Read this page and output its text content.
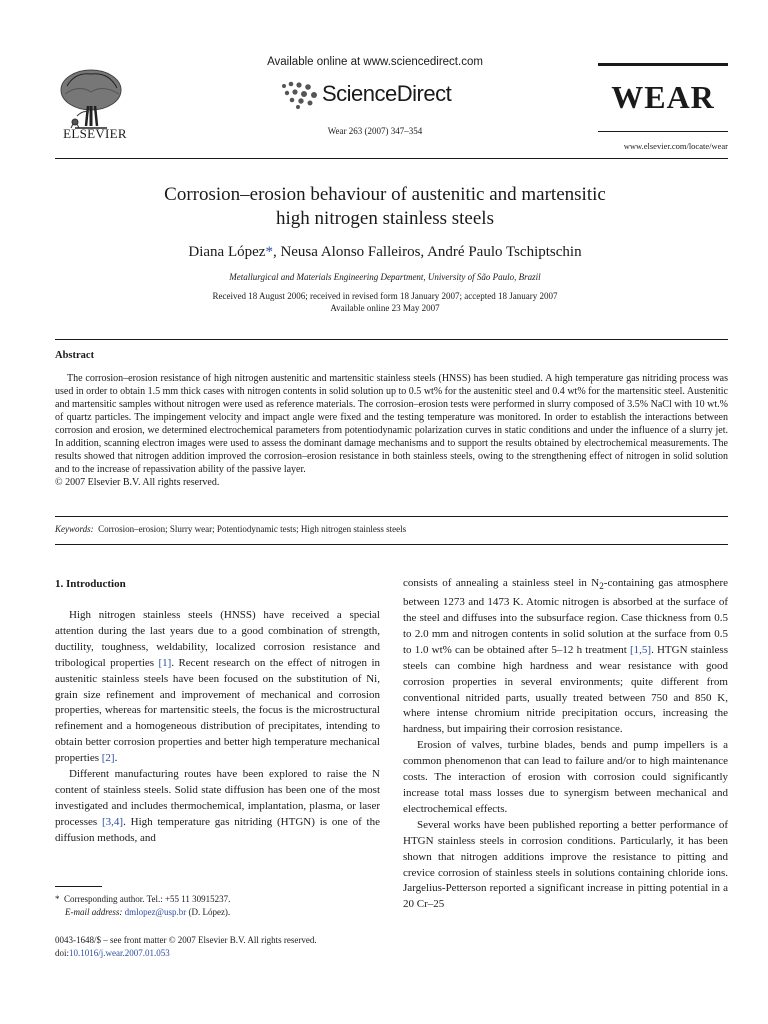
ELSEVIER
Available online at www.sciencedirect.com
ScienceDirect
Wear 263 (2007) 347–354
WEAR
www.elsevier.com/locate/wear
Corrosion–erosion behaviour of austenitic and martensitic
high nitrogen stainless steels
Diana López*, Neusa Alonso Falleiros, André Paulo Tschiptschin
Metallurgical and Materials Engineering Department, University of São Paulo, Brazil
Received 18 August 2006; received in revised form 18 January 2007; accepted 18 January 2007
Available online 23 May 2007
Abstract

The corrosion–erosion resistance of high nitrogen austenitic and martensitic stainless steels (HNSS) has been studied. A high temperature gas nitriding process was used in order to obtain 1.5 mm thick cases with nitrogen contents in solid solution up to 0.5 wt% for the austenitic steel and 0.4 wt% for the martensitic steel. Austenitic and martensitic samples without nitrogen were used as reference materials. The corrosion–erosion tests were performed in slurry composed of 3.5% NaCl with 10 wt.% of quartz particles. The impingement velocity and impact angle were fixed and the testing temperature was monitored. In order to establish the interactions between corrosion and erosion, we determined electrochemical parameters from potentiodynamic polarization curves in static conditions and under the influence of a slurry jet. In addition, scanning electron images were used to assess the dominant damage mechanisms and to support the results obtained by electrochemical measurements. The results showed that nitrogen addition improved the corrosion–erosion resistance in both stainless steels, owing to the strengthening effect of nitrogen in solid solution and to the increase of repassivation ability of the passive layer.

© 2007 Elsevier B.V. All rights reserved.

Keywords: Corrosion–erosion; Slurry wear; Potentiodynamic tests; High nitrogen stainless steels
1. Introduction

High nitrogen stainless steels (HNSS) have received a special attention during the last years due to a good combination of strength, ductility, toughness, weldability, localized corrosion resistance and tribological properties [1]. Recent research on the effect of nitrogen in austenitic stainless steels have been focused on the substitution of Ni, grain size refinement and improvement of mechanical and corrosion properties, whereas for martensitic steels, the focus is the microstructural refinement and a homogeneous distribution of precipitates, intending to obtain better corrosion properties and better high temperature mechanical properties [2].

Different manufacturing routes have been explored to raise the N content of stainless steels. Solid state diffusion has been one of the most investigated and includes thermochemical, implantation, plasma, or laser processes [3,4]. High temperature gas nitriding (HTGN) is one of the diffusion methods, and

consists of annealing a stainless steel in $N_2$-containing gas atmosphere between 1273 and 1473 K. Atomic nitrogen is absorbed at the surface of the steel and diffuses into the subsurface region. Case thickness from 0.5 to 2.0 mm and nitrogen contents in solid solution at the surface from 0.5 to 1.0 wt% can be obtained after 5–12 h treatment [1,5]. HTGN stainless steels can combine high hardness and wear resistance with good corrosion properties in several environments; quite different from conventional nitrided parts, usually treated between 750 and 850 K, where intense chromium nitride precipitation occurs, increasing the hardness, but impairing their corrosion resistance.

Erosion of valves, turbine blades, bends and pump impellers is a common phenomenon that can lead to failure and/or to high maintenance costs. The interaction of erosion with corrosion could significantly increase total mass losses due to synergism between mechanical and electrochemical effects.

Several works have been published reporting a better performance of HTGN stainless steels in corrosion conditions. Particularly, it has been shown that nitrogen additions improve the resistance to pitting and crevice corrosion of stainless steels in solutions containing chloride ions. Jargelius-Petterson reported a significant increase in pitting potential in a 20 Cr–25

* Corresponding author. Tel.: +55 11 30915237.
E-mail address: dmlopez@usp.br (D. López).
0043-1648/$ – see front matter © 2007 Elsevier B.V. All rights reserved.
doi:10.1016/j.wear.2007.01.053
